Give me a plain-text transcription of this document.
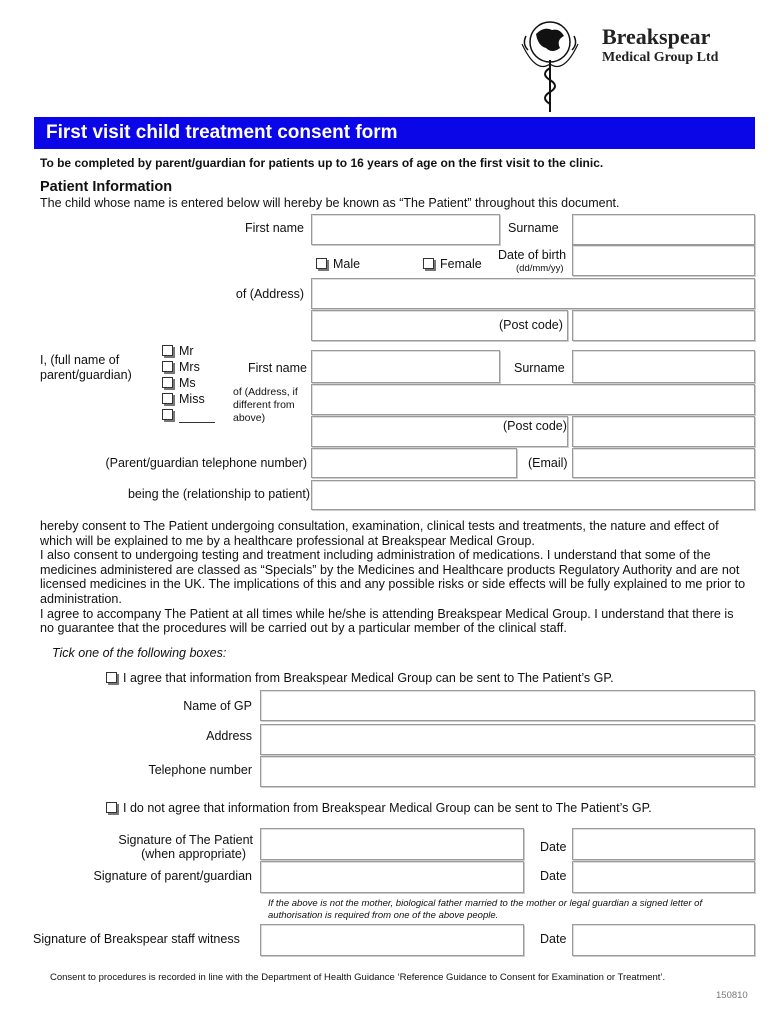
Breakspear
Medical Group Ltd
First visit child treatment consent form
To be completed by parent/guardian for patients up to 16 years of age on the first visit to the clinic.
Patient Information
The child whose name is entered below will hereby be known as “The Patient” throughout this document.
First name	Surname
Male	Female
Date of birth
(dd/mm/yy)
of (Address)
(Post code)
I, (full name of
parent/guardian)
Mr
Mrs
Ms
Miss
First name	Surname
of (Address, if
different from
above)
(Post code)
(Parent/guardian telephone number)	(Email)
being the (relationship to patient)

hereby consent to The Patient undergoing consultation, examination, clinical tests and treatments, the nature and effect of which will be explained to me by a healthcare professional at Breakspear Medical Group.

I also consent to undergoing testing and treatment including administration of medications. I understand that some of the medicines administered are classed as “Specials” by the Medicines and Healthcare products Regulatory Authority and are not licensed medicines in the UK. The implications of this and any possible risks or side effects will be fully explained to me prior to administration.

I agree to accompany The Patient at all times while he/she is attending Breakspear Medical Group. I understand that there is no guarantee that the procedures will be carried out by a particular member of the clinical staff.

Tick one of the following boxes:
I agree that information from Breakspear Medical Group can be sent to The Patient’s GP.
Name of GP
Address
Telephone number
I do not agree that information from Breakspear Medical Group can be sent to The Patient’s GP.
Signature of The Patient
(when appropriate)	Date
Signature of parent/guardian	Date
If the above is not the mother, biological father married to the mother or legal guardian a signed letter of authorisation is required from one of the above people.
Signature of Breakspear staff witness	Date
Consent to procedures is recorded in line with the Department of Health Guidance ‘Reference Guidance to Consent for Examination or Treatment’.
150810
